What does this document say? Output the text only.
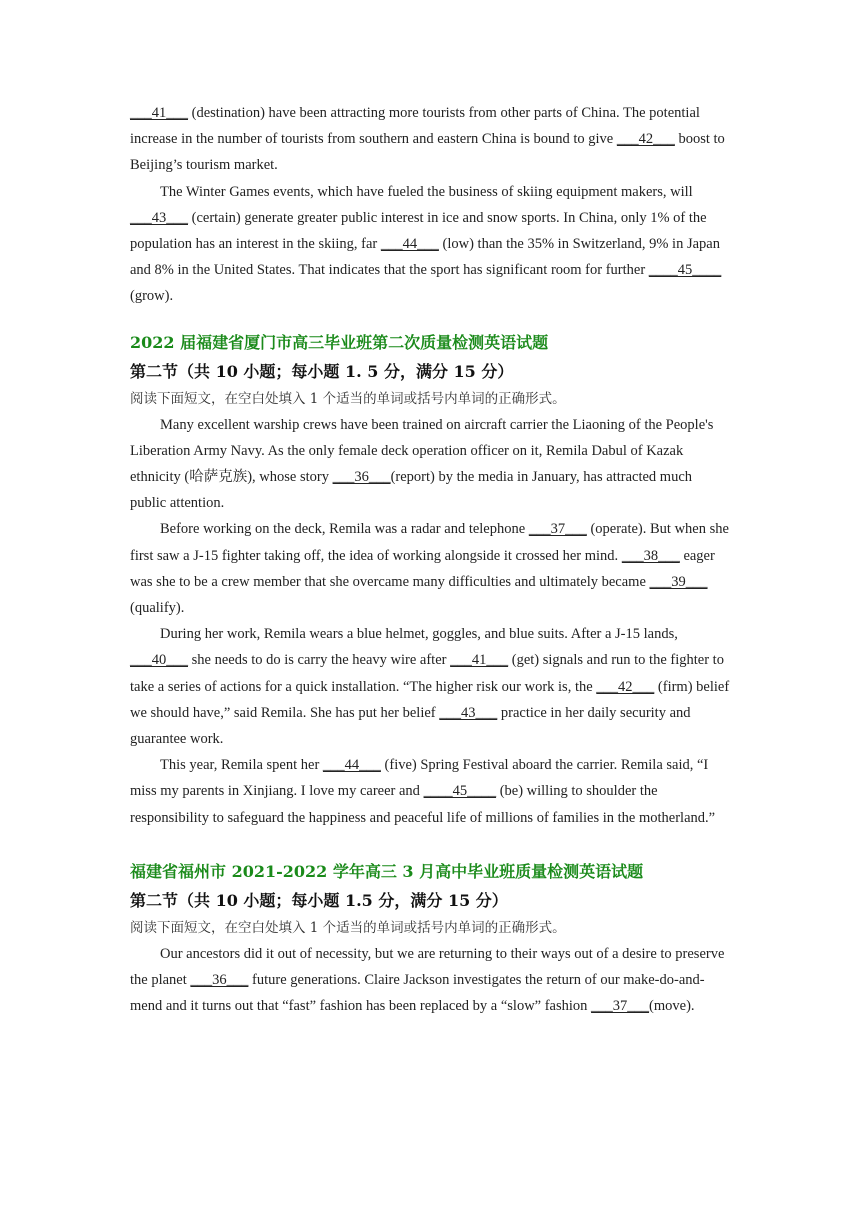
___41___ (destination) have been attracting more tourists from other parts of China. The potential increase in the number of tourists from southern and eastern China is bound to give ___42___ boost to Beijing’s tourism market.

The Winter Games events, which have fueled the business of skiing equipment makers, will ___43___ (certain) generate greater public interest in ice and snow sports. In China, only 1% of the population has an interest in the skiing, far ___44___ (low) than the 35% in Switzerland, 9% in Japan and 8% in the United States. That indicates that the sport has significant room for further ____45____ (grow).

2022 届福建省厦门市高三毕业班第二次质量检测英语试题

第二节（共 10 小题；每小题 1. 5 分，满分 15 分）

阅读下面短文，在空白处填入 1 个适当的单词或括号内单词的正确形式。

Many excellent warship crews have been trained on aircraft carrier the Liaoning of the People's Liberation Army Navy. As the only female deck operation officer on it, Remila Dabul of Kazak ethnicity (哈萨克族), whose story ___36___(report) by the media in January, has attracted much public attention.

Before working on the deck, Remila was a radar and telephone ___37___ (operate). But when she first saw a J-15 fighter taking off, the idea of working alongside it crossed her mind. ___38___ eager was she to be a crew member that she overcame many difficulties and ultimately became ___39___ (qualify).

During her work, Remila wears a blue helmet, goggles, and blue suits. After a J-15 lands, ___40___ she needs to do is carry the heavy wire after ___41___ (get) signals and run to the fighter to take a series of actions for a quick installation. “The higher risk our work is, the ___42___ (firm) belief we should have,” said Remila. She has put her belief ___43___ practice in her daily security and guarantee work.

This year, Remila spent her ___44___ (five) Spring Festival aboard the carrier. Remila said, “I miss my parents in Xinjiang. I love my career and ____45____ (be) willing to shoulder the responsibility to safeguard the happiness and peaceful life of millions of families in the motherland.”

福建省福州市 2021-2022 学年高三 3 月高中毕业班质量检测英语试题

第二节（共 10 小题；每小题 1.5 分，满分 15 分）

阅读下面短文，在空白处填入 1 个适当的单词或括号内单词的正确形式。

Our ancestors did it out of necessity, but we are returning to their ways out of a desire to preserve the planet ___36___ future generations. Claire Jackson investigates the return of our make-do-and-mend and it turns out that “fast” fashion has been replaced by a “slow” fashion ___37___(move).
